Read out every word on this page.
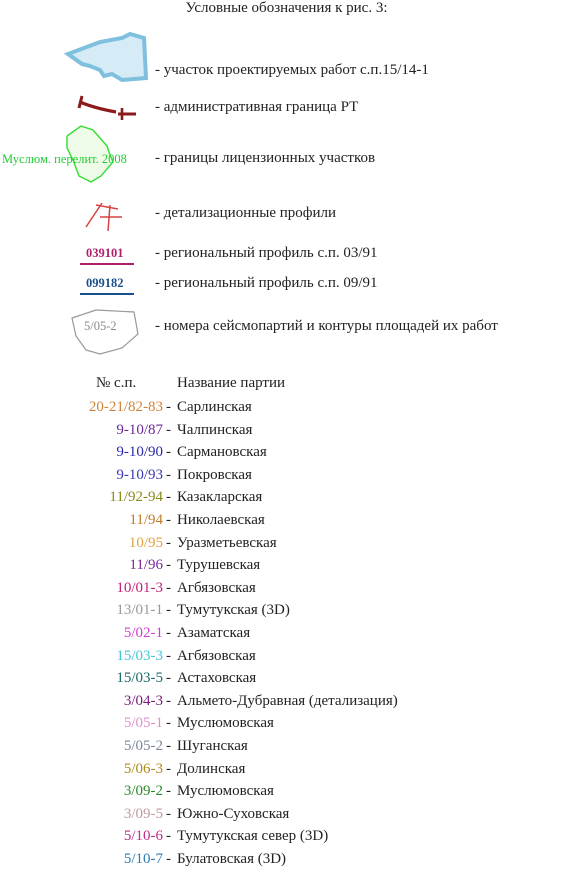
Условные обозначения к рис. 3:
- участок проектируемых работ с.п.15/14-1
- административная граница РТ
Муслюм. перелит. 2008 - границы лицензионных участков
- детализационные профили
039101 - региональный профиль с.п. 03/91
099182 - региональный профиль с.п. 09/91
5/05-2	- номера сейсмопартий и контуры площадей их работ
№ с.п.	Название партии
20-21/82-83 - Сарлинская
9-10/87 - Чалпинская
9-10/90 - Сармановская
9-10/93 - Покровская
11/92-94 - Казакларская
11/94 - Николаевская
10/95 - Уразметьевская
11/96 - Турушевская
10/01-3 - Агбязовская
13/01-1 - Тумутукская (3D)
5/02-1 - Азаматская
15/03-3 - Агбязовская
15/03-5 - Астаховская
3/04-3 - Альмето-Дубравная (детализация)
5/05-1 - Муслюмовская
5/05-2 - Шуганская
5/06-3 - Долинская
3/09-2 - Муслюмовская
3/09-5 - Южно-Суховская
5/10-6 - Тумутукская север (3D)
5/10-7 - Булатовская (3D)
